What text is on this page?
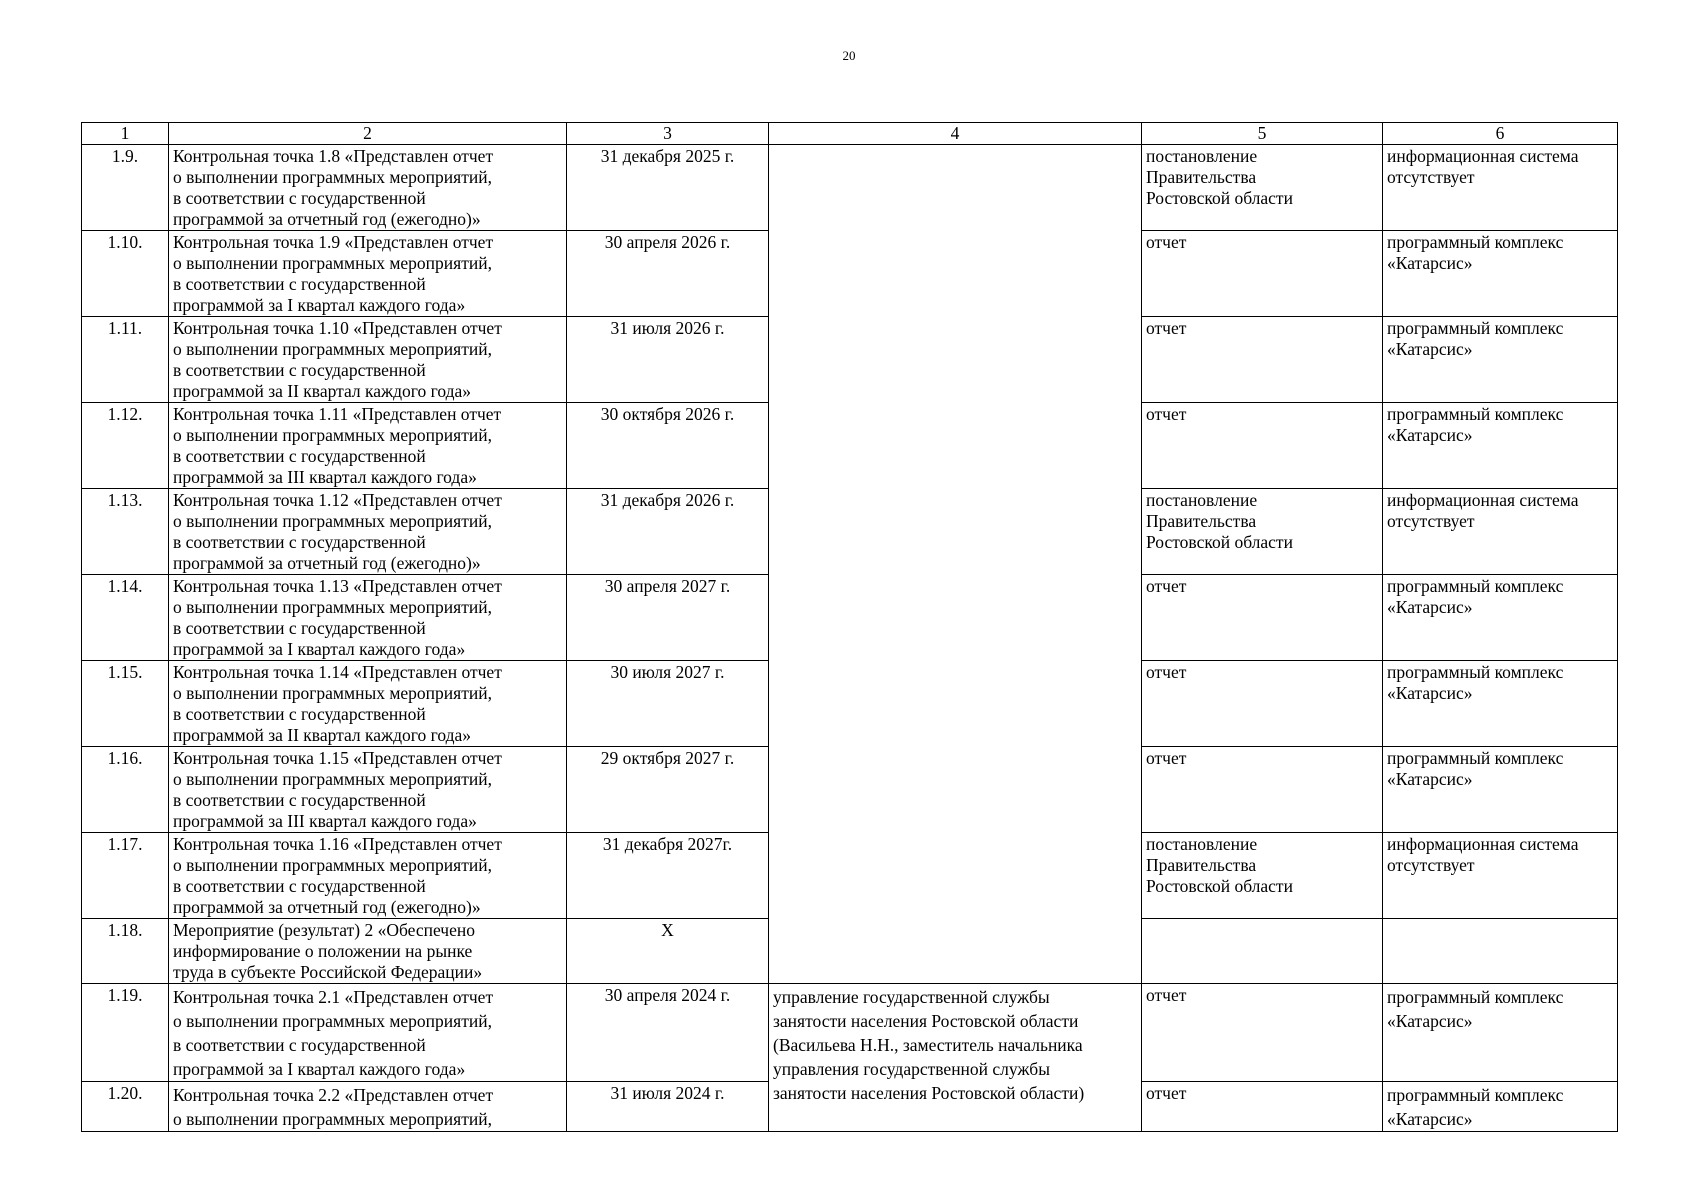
20
1	2	3	4	5	6
1.9.	Контрольная точка 1.8 «Представлен отчет
о выполнении программных мероприятий,
в соответствии с государственной
программой за отчетный год (ежегодно)»	31 декабря 2025 г.		постановление
Правительства
Ростовской области	информационная система
отсутствует
1.10.	Контрольная точка 1.9 «Представлен отчет
о выполнении программных мероприятий,
в соответствии с государственной
программой за I квартал каждого года»	30 апреля 2026 г.		отчет	программный комплекс
«Катарсис»
1.11.	Контрольная точка 1.10 «Представлен отчет
о выполнении программных мероприятий,
в соответствии с государственной
программой за II квартал каждого года»	31 июля 2026 г.		отчет	программный комплекс
«Катарсис»
1.12.	Контрольная точка 1.11 «Представлен отчет
о выполнении программных мероприятий,
в соответствии с государственной
программой за III квартал каждого года»	30 октября 2026 г.		отчет	программный комплекс
«Катарсис»
1.13.	Контрольная точка 1.12 «Представлен отчет
о выполнении программных мероприятий,
в соответствии с государственной
программой за отчетный год (ежегодно)»	31 декабря 2026 г.		постановление
Правительства
Ростовской области	информационная система
отсутствует
1.14.	Контрольная точка 1.13 «Представлен отчет
о выполнении программных мероприятий,
в соответствии с государственной
программой за I квартал каждого года»	30 апреля 2027 г.		отчет	программный комплекс
«Катарсис»
1.15.	Контрольная точка 1.14 «Представлен отчет
о выполнении программных мероприятий,
в соответствии с государственной
программой за II квартал каждого года»	30 июля 2027 г.		отчет	программный комплекс
«Катарсис»
1.16.	Контрольная точка 1.15 «Представлен отчет
о выполнении программных мероприятий,
в соответствии с государственной
программой за III квартал каждого года»	29 октября 2027 г.		отчет	программный комплекс
«Катарсис»
1.17.	Контрольная точка 1.16 «Представлен отчет
о выполнении программных мероприятий,
в соответствии с государственной
программой за отчетный год (ежегодно)»	31 декабря 2027г.		постановление
Правительства
Ростовской области	информационная система
отсутствует
1.18.	Мероприятие (результат) 2 «Обеспечено
информирование о положении на рынке
труда в субъекте Российской Федерации»	Х			
1.19.	Контрольная точка 2.1 «Представлен отчет
о выполнении программных мероприятий,
в соответствии с государственной
программой за I квартал каждого года»	30 апреля 2024 г.	управление государственной службы
занятости населения Ростовской области
(Васильева Н.Н., заместитель начальника
управления государственной службы
занятости населения Ростовской области)	отчет	программный комплекс
«Катарсис»
1.20.	Контрольная точка 2.2 «Представлен отчет
о выполнении программных мероприятий,	31 июля 2024 г.		отчет	программный комплекс
«Катарсис»
